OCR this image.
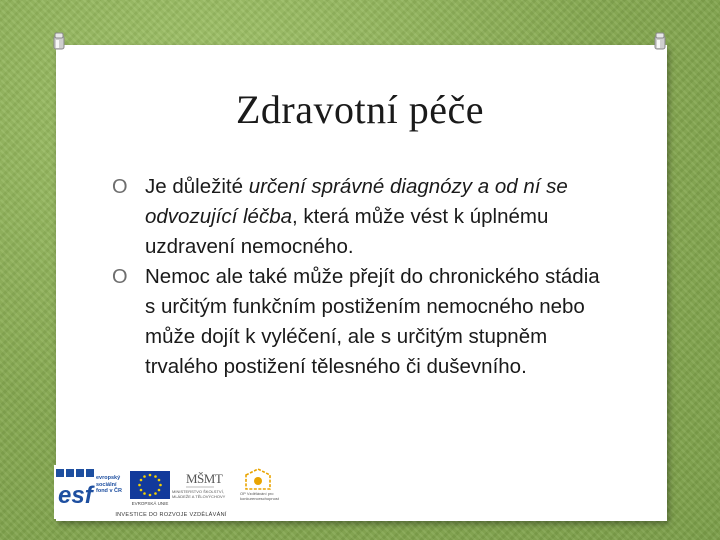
Zdravotní péče

O Je důležité určení správné diagnózy a od ní se odvozující léčba, která může vést k úplnému uzdravení nemocného.

O Nemoc ale také může přejít do chronického stádia s určitým funkčním postižením nemocného nebo může dojít k vyléčení, ale s určitým stupněm trvalého postižení tělesného či duševního.

esf
evropský sociální fond v ČR
EVROPSKÁ UNIE
MŠMT
MINISTERSTVO ŠKOLSTVÍ, MLÁDEŽE A TĚLOVÝCHOVY
OP Vzdělávání pro konkurenceschopnost
INVESTICE DO ROZVOJE VZDĚLÁVÁNÍ
